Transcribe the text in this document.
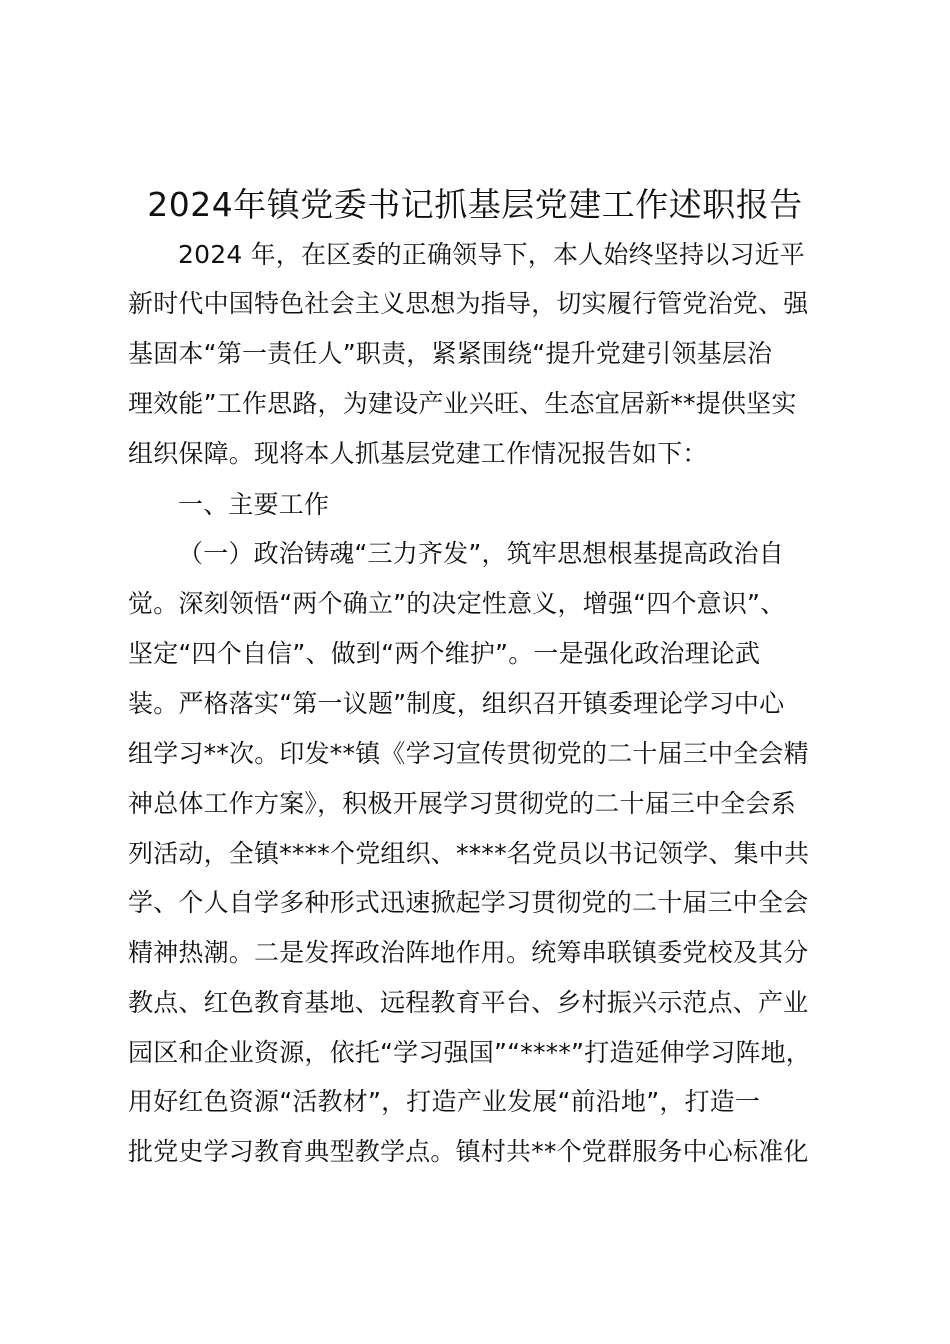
2024年镇党委书记抓基层党建工作述职报告
2024 年，在区委的正确领导下，本人始终坚持以习近平
新时代中国特色社会主义思想为指导，切实履行管党治党、强
基固本“第一责任人”职责，紧紧围绕“提升党建引领基层治
理效能”工作思路，为建设产业兴旺、生态宜居新**提供坚实
组织保障。现将本人抓基层党建工作情况报告如下：
一、主要工作
（一）政治铸魂“三力齐发”，筑牢思想根基提高政治自
觉。深刻领悟“两个确立”的决定性意义，增强“四个意识”、
坚定“四个自信”、做到“两个维护”。一是强化政治理论武
装。严格落实“第一议题”制度，组织召开镇委理论学习中心
组学习**次。印发**镇《学习宣传贯彻党的二十届三中全会精
神总体工作方案》，积极开展学习贯彻党的二十届三中全会系
列活动，全镇****个党组织、****名党员以书记领学、集中共
学、个人自学多种形式迅速掀起学习贯彻党的二十届三中全会
精神热潮。二是发挥政治阵地作用。统筹串联镇委党校及其分
教点、红色教育基地、远程教育平台、乡村振兴示范点、产业
园区和企业资源，依托“学习强国”“****”打造延伸学习阵地，
用好红色资源“活教材”，打造产业发展“前沿地”，打造一
批党史学习教育典型教学点。镇村共**个党群服务中心标准化
